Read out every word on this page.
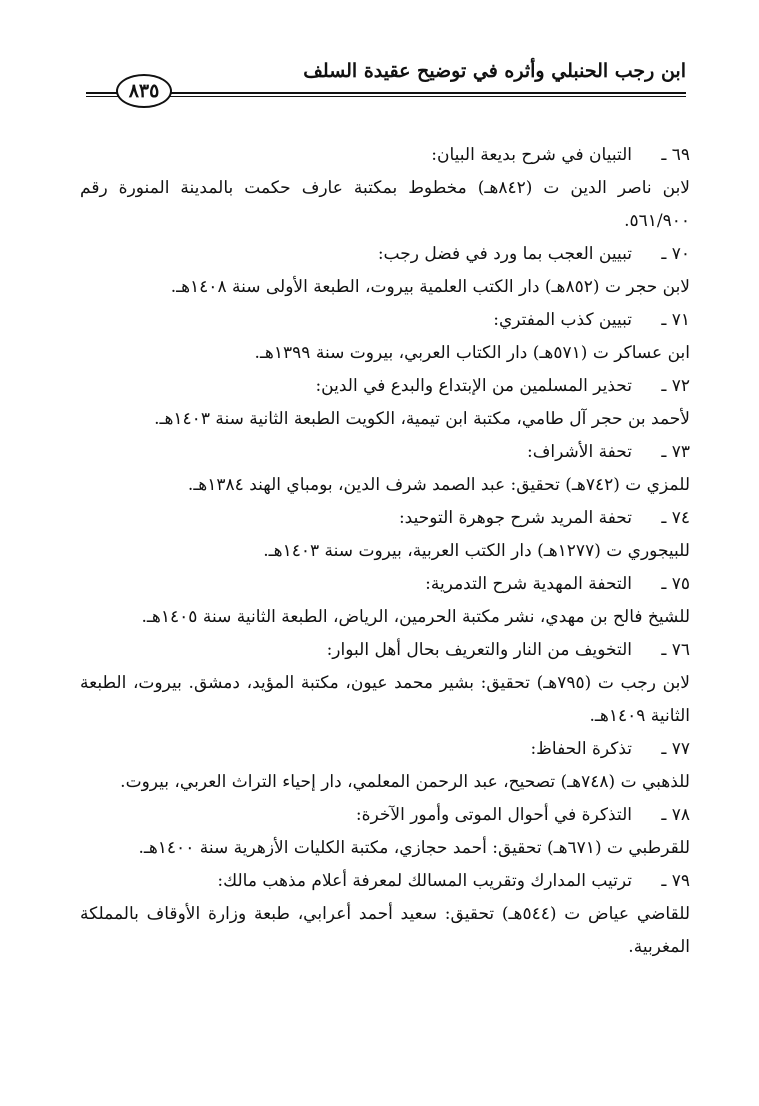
ابن رجب الحنبلي وأثره في توضيح عقيدة السلف
٨٣٥
٦٩ ـ
التبيان في شرح بديعة البيان:
لابن ناصر الدين ت (٨٤٢هـ) مخطوط بمكتبة عارف حكمت بالمدينة المنورة رقم ٥٦١/٩٠٠.
٧٠ ـ
تبيين العجب بما ورد في فضل رجب:
لابن حجر ت (٨٥٢هـ) دار الكتب العلمية بيروت، الطبعة الأولى سنة ١٤٠٨هـ.
٧١ ـ
تبيين كذب المفتري:
ابن عساكر ت (٥٧١هـ) دار الكتاب العربي، بيروت سنة ١٣٩٩هـ.
٧٢ ـ
تحذير المسلمين من الإبتداع والبدع في الدين:
لأحمد بن حجر آل طامي، مكتبة ابن تيمية، الكويت الطبعة الثانية سنة ١٤٠٣هـ.
٧٣ ـ
تحفة الأشراف:
للمزي ت (٧٤٢هـ) تحقيق: عبد الصمد شرف الدين، بومباي الهند ١٣٨٤هـ.
٧٤ ـ
تحفة المريد شرح جوهرة التوحيد:
للبيجوري ت (١٢٧٧هـ) دار الكتب العربية، بيروت سنة ١٤٠٣هـ.
٧٥ ـ
التحفة المهدية شرح التدمرية:
للشيخ فالح بن مهدي، نشر مكتبة الحرمين، الرياض، الطبعة الثانية سنة ١٤٠٥هـ.
٧٦ ـ
التخويف من النار والتعريف بحال أهل البوار:
لابن رجب ت (٧٩٥هـ) تحقيق: بشير محمد عيون، مكتبة المؤيد، دمشق. بيروت، الطبعة الثانية ١٤٠٩هـ.
٧٧ ـ
تذكرة الحفاظ:
للذهبي ت (٧٤٨هـ) تصحيح، عبد الرحمن المعلمي، دار إحياء التراث العربي، بيروت.
٧٨ ـ
التذكرة في أحوال الموتى وأمور الآخرة:
للقرطبي ت (٦٧١هـ) تحقيق: أحمد حجازي، مكتبة الكليات الأزهرية سنة ١٤٠٠هـ.
٧٩ ـ
ترتيب المدارك وتقريب المسالك لمعرفة أعلام مذهب مالك:
للقاضي عياض ت (٥٤٤هـ) تحقيق: سعيد أحمد أعرابي، طبعة وزارة الأوقاف بالمملكة المغربية.
